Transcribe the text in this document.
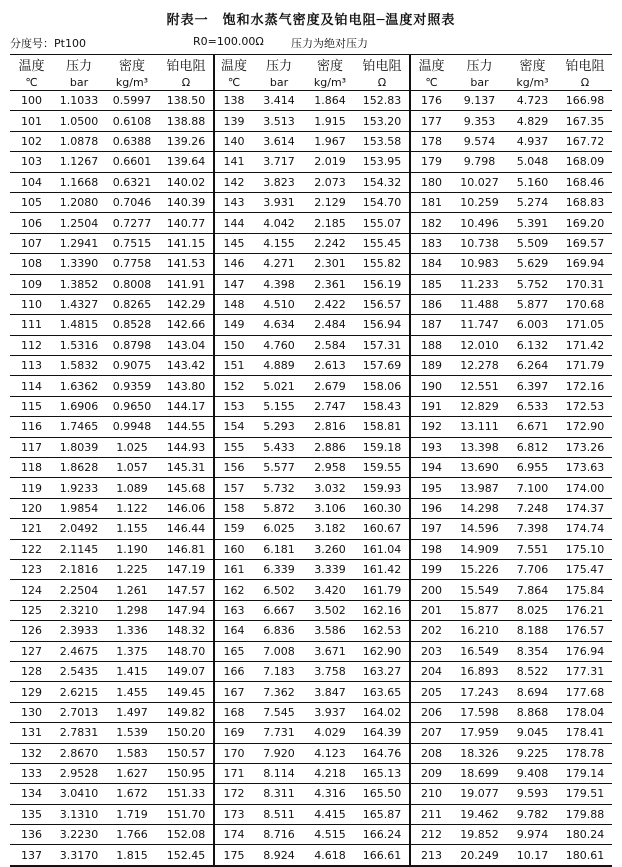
附表一　饱和水蒸气密度及铂电阻─温度对照表
分度号：Pt100	R0=100.00Ω 压力为绝对压力
温度	压力	密度	铂电阻	温度	压力	密度	铂电阻	温度	压力	密度	铂电阻
℃	bar	kg/m³	Ω	℃	bar	kg/m³	Ω	℃	bar	kg/m³	Ω
100	1.1033	0.5997	138.50	138	3.414	1.864	152.83	176	9.137	4.723	166.98
101	1.0500	0.6108	138.88	139	3.513	1.915	153.20	177	9.353	4.829	167.35
102	1.0878	0.6388	139.26	140	3.614	1.967	153.58	178	9.574	4.937	167.72
103	1.1267	0.6601	139.64	141	3.717	2.019	153.95	179	9.798	5.048	168.09
104	1.1668	0.6321	140.02	142	3.823	2.073	154.32	180	10.027	5.160	168.46
105	1.2080	0.7046	140.39	143	3.931	2.129	154.70	181	10.259	5.274	168.83
106	1.2504	0.7277	140.77	144	4.042	2.185	155.07	182	10.496	5.391	169.20
107	1.2941	0.7515	141.15	145	4.155	2.242	155.45	183	10.738	5.509	169.57
108	1.3390	0.7758	141.53	146	4.271	2.301	155.82	184	10.983	5.629	169.94
109	1.3852	0.8008	141.91	147	4.398	2.361	156.19	185	11.233	5.752	170.31
110	1.4327	0.8265	142.29	148	4.510	2.422	156.57	186	11.488	5.877	170.68
111	1.4815	0.8528	142.66	149	4.634	2.484	156.94	187	11.747	6.003	171.05
112	1.5316	0.8798	143.04	150	4.760	2.584	157.31	188	12.010	6.132	171.42
113	1.5832	0.9075	143.42	151	4.889	2.613	157.69	189	12.278	6.264	171.79
114	1.6362	0.9359	143.80	152	5.021	2.679	158.06	190	12.551	6.397	172.16
115	1.6906	0.9650	144.17	153	5.155	2.747	158.43	191	12.829	6.533	172.53
116	1.7465	0.9948	144.55	154	5.293	2.816	158.81	192	13.111	6.671	172.90
117	1.8039	1.025	144.93	155	5.433	2.886	159.18	193	13.398	6.812	173.26
118	1.8628	1.057	145.31	156	5.577	2.958	159.55	194	13.690	6.955	173.63
119	1.9233	1.089	145.68	157	5.732	3.032	159.93	195	13.987	7.100	174.00
120	1.9854	1.122	146.06	158	5.872	3.106	160.30	196	14.298	7.248	174.37
121	2.0492	1.155	146.44	159	6.025	3.182	160.67	197	14.596	7.398	174.74
122	2.1145	1.190	146.81	160	6.181	3.260	161.04	198	14.909	7.551	175.10
123	2.1816	1.225	147.19	161	6.339	3.339	161.42	199	15.226	7.706	175.47
124	2.2504	1.261	147.57	162	6.502	3.420	161.79	200	15.549	7.864	175.84
125	2.3210	1.298	147.94	163	6.667	3.502	162.16	201	15.877	8.025	176.21
126	2.3933	1.336	148.32	164	6.836	3.586	162.53	202	16.210	8.188	176.57
127	2.4675	1.375	148.70	165	7.008	3.671	162.90	203	16.549	8.354	176.94
128	2.5435	1.415	149.07	166	7.183	3.758	163.27	204	16.893	8.522	177.31
129	2.6215	1.455	149.45	167	7.362	3.847	163.65	205	17.243	8.694	177.68
130	2.7013	1.497	149.82	168	7.545	3.937	164.02	206	17.598	8.868	178.04
131	2.7831	1.539	150.20	169	7.731	4.029	164.39	207	17.959	9.045	178.41
132	2.8670	1.583	150.57	170	7.920	4.123	164.76	208	18.326	9.225	178.78
133	2.9528	1.627	150.95	171	8.114	4.218	165.13	209	18.699	9.408	179.14
134	3.0410	1.672	151.33	172	8.311	4.316	165.50	210	19.077	9.593	179.51
135	3.1310	1.719	151.70	173	8.511	4.415	165.87	211	19.462	9.782	179.88
136	3.2230	1.766	152.08	174	8.716	4.515	166.24	212	19.852	9.974	180.24
137	3.3170	1.815	152.45	175	8.924	4.618	166.61	213	20.249	10.17	180.61
